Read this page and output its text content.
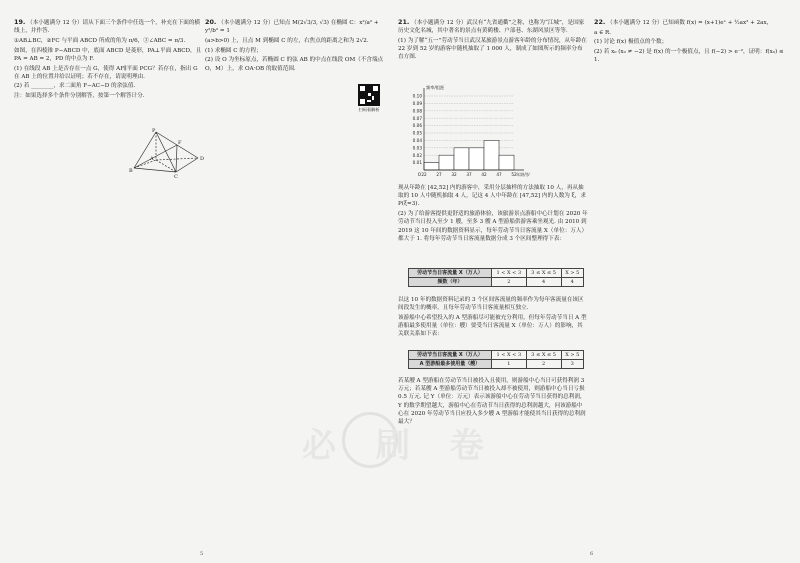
19. （本小题满分 12 分）请从下面三个条件中任选一个，补充在下面的横线上，并作答.

①AB⊥BC，②FC 与平面 ABCD 所成的角为 π/6，③∠ABC = π/3.

如图，在四棱锥 P−ABCD 中，底面 ABCD 是菱形，PA⊥平面 ABCD，且 PA = AB = 2，PD 的中点为 F.

(1) 在线段 AB 上是否存在一点 G，使得 AF∥平面 PCG？若存在，指出 G 在 AB 上的位置并给以证明；若不存在，请说明理由.

(2) 若 ________，求二面角 F−AC−D 的余弦值.

注：如果选择多个条件分别解答，按第一个解答计分.

P
F
B
C
D
A

20. （本小题满分 12 分）已知点 M(2√3/3, √3) 在椭圆 C：x²/a² + y²/b² = 1

(a>b>0) 上，且点 M 到椭圆 C 的左，右焦点的距离之和为 2√2.

(1) 求椭圆 C 的方程；

(2) 设 O 为坐标原点，若椭圆 C 的弦 AB 的中点在线段 OM（不含端点 O，M）上，求 OA·OB 的取值范围.

扫码看解析

21. （本小题满分 12 分）武汉有“九省通衢”之称，也称为“江城”，是国家历史文化名城，其中著名的景点有黄鹤楼、户部巷、东湖风景区等等.

(1) 为了解“五一”劳动节当日武汉某旅游景点游客年龄的分布情况，从年龄在 22 岁到 52 岁的游客中随机抽取了 1 000 人，制成了如图所示的频率分布直方图.

0.10
0.09
0.08
0.07
0.06
0.05
0.04
0.03
0.02
0.01
22 27 32 37 42 47 52
O	年龄/岁
频率/组距

现从年龄在 [42,52] 内的游客中，采用分层抽样的方法抽取 10 人，再从抽取的 10 人中随机抽取 4 人，记这 4 人中年龄在 [47,52] 内的人数为 ξ，求 P(ξ=3).

(2) 为了给游客提供更舒适的旅游体验，该旅游景点游船中心计划在 2020 年劳动节当日投入至少 1 艘，至多 3 艘 A 型游船供游客乘坐观光. 由 2010 到 2019 这 10 年间的数据资料显示，每年劳动节当日客流量 X（单位：万人）都大于 1. 将每年劳动节当日客流量数据分成 3 个区间整理得下表：

劳动节当日客流量 X（万人）	1 < X < 3	3 ≤ X ≤ 5	X > 5
频数（年）	2	4	4

以这 10 年的数据资料记录的 3 个区间客流量的频率作为每年客流量在该区间段发生的概率，且每年劳动节当日客流量相互独立.

该游船中心希望投入的 A 型游船尽可能被充分利用，但每年劳动节当日 A 型游船最多使用量（单位：艘）要受当日客流量 X（单位：万人）的影响，其关联关系如下表：

劳动节当日客流量 X（万人）	1 < X < 3	3 ≤ X ≤ 5	X > 5
A 型游船最多使用量（艘）	1	2	3

若某艘 A 型游船在劳动节当日被投入且使用，则游船中心当日可获得利润 3 万元；若某艘 A 型游船劳动节当日被投入却不被使用，则游船中心当日亏损 0.5 万元. 记 Y（单位：万元）表示该游船中心在劳动节当日获得的总利润，Y 的数学期望越大，游船中心在劳动节当日获得的总利润越大，问该游船中心在 2020 年劳动节当日应投入多少艘 A 型游船才能使其当日获得的总利润最大？

22. （本小题满分 12 分）已知函数 f(x) = (x+1)eˣ + ½ax² + 2ax，

a ∈ R.

(1) 讨论 f(x) 极值点的个数；

(2) 若 x₀ (x₀ ≠ −2) 是 f(x) 的一个极值点，且 f(−2) > e⁻²，证明：f(x₀) ≤ 1.

必 刷 卷
5	6
